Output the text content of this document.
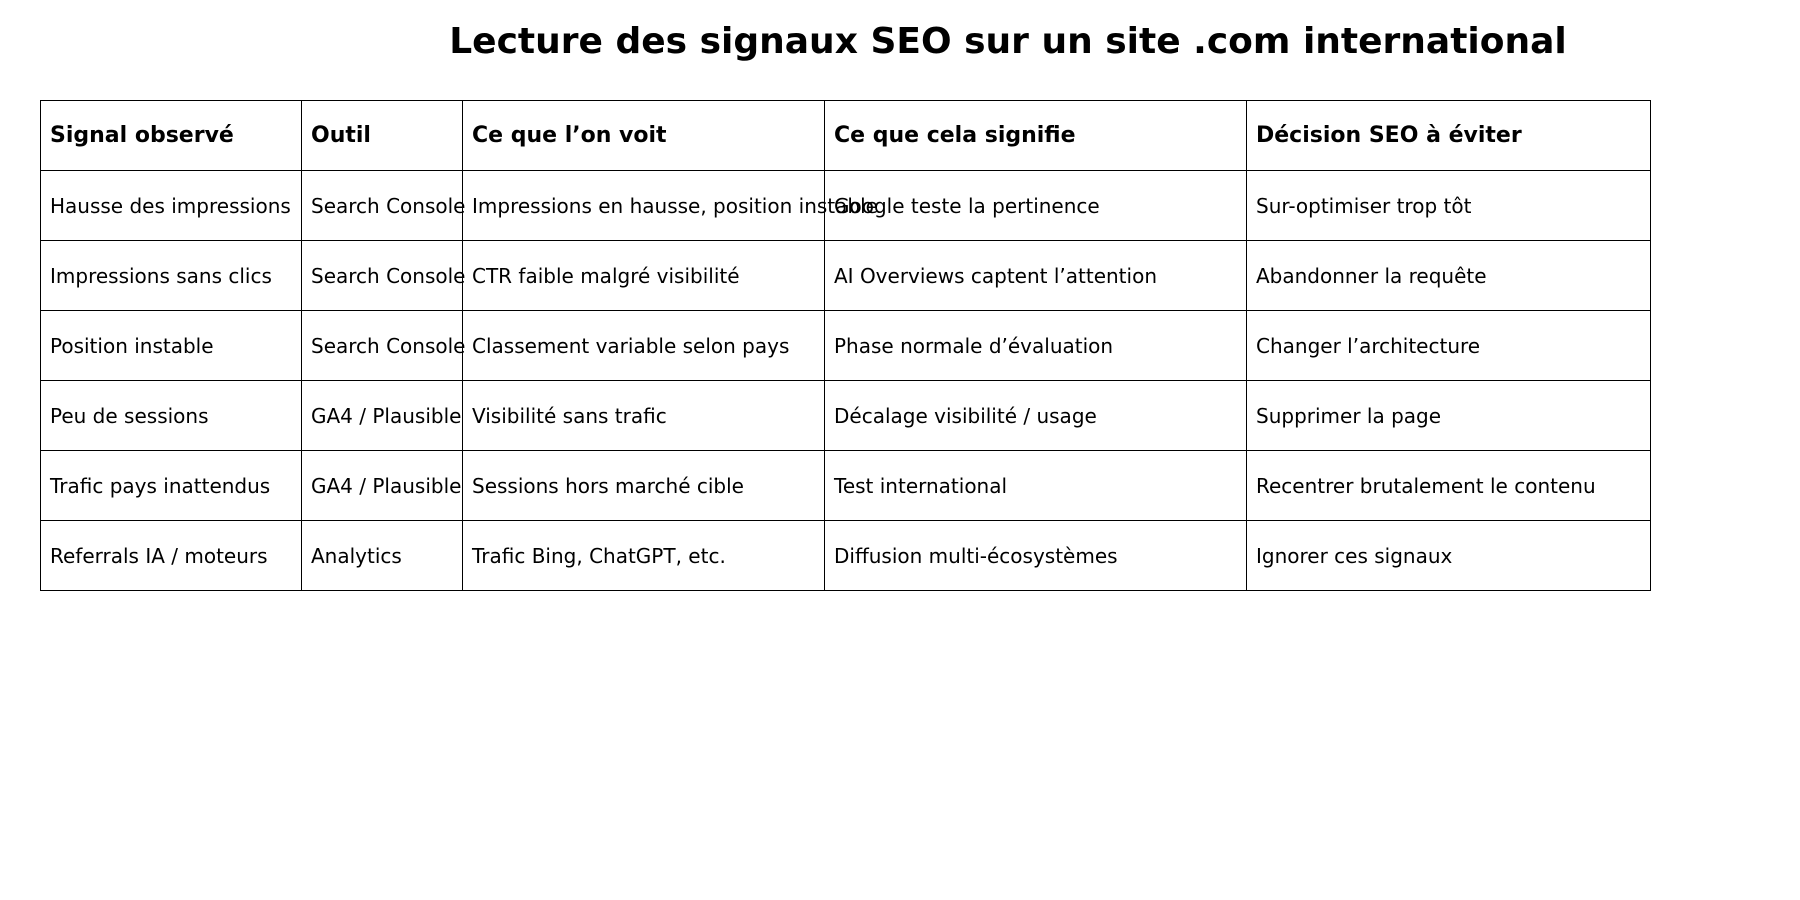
Lecture des signaux SEO sur un site .com international
Signal observé	Outil	Ce que l’on voit	Ce que cela signifie	Décision SEO à éviter
Hausse des impressions	Search Console	Impressions en hausse, position instable	Google teste la pertinence	Sur-optimiser trop tôt
Impressions sans clics	Search Console	CTR faible malgré visibilité	AI Overviews captent l’attention	Abandonner la requête
Position instable	Search Console	Classement variable selon pays	Phase normale d’évaluation	Changer l’architecture
Peu de sessions	GA4 / Plausible	Visibilité sans trafic	Décalage visibilité / usage	Supprimer la page
Trafic pays inattendus	GA4 / Plausible	Sessions hors marché cible	Test international	Recentrer brutalement le contenu
Referrals IA / moteurs	Analytics	Trafic Bing, ChatGPT, etc.	Diffusion multi-écosystèmes	Ignorer ces signaux
